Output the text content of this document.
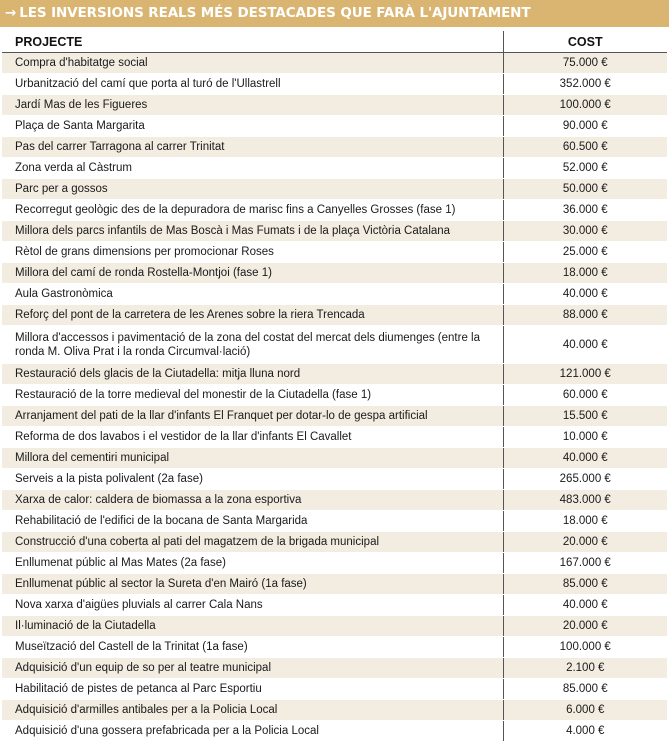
→ LES INVERSIONS REALS MÉS DESTACADES QUE FARÀ L'AJUNTAMENT
PROJECTE	COST
Compra d'habitatge social	75.000 €
Urbanització del camí que porta al turó de l'Ullastrell	352.000 €
Jardí Mas de les Figueres	100.000 €
Plaça de Santa Margarita	90.000 €
Pas del carrer Tarragona al carrer Trinitat	60.500 €
Zona verda al Càstrum	52.000 €
Parc per a gossos	50.000 €
Recorregut geològic des de la depuradora de marisc fins a Canyelles Grosses (fase 1)	36.000 €
Millora dels parcs infantils de Mas Boscà i Mas Fumats i de la plaça Victòria Catalana	30.000 €
Rètol de grans dimensions per promocionar Roses	25.000 €
Millora del camí de ronda Rostella-Montjoi (fase 1)	18.000 €
Aula Gastronòmica	40.000 €
Reforç del pont de la carretera de les Arenes sobre la riera Trencada	88.000 €
Millora d'accessos i pavimentació de la zona del costat del mercat dels diumenges (entre la ronda M. Oliva Prat i la ronda Circumval·lació)	40.000 €
Restauració dels glacis de la Ciutadella: mitja lluna nord	121.000 €
Restauració de la torre medieval del monestir de la Ciutadella (fase 1)	60.000 €
Arranjament del pati de la llar d'infants El Franquet per dotar-lo de gespa artificial	15.500 €
Reforma de dos lavabos i el vestidor de la llar d'infants El Cavallet	10.000 €
Millora del cementiri municipal	40.000 €
Serveis a la pista polivalent (2a fase)	265.000 €
Xarxa de calor: caldera de biomassa a la zona esportiva	483.000 €
Rehabilitació de l'edifici de la bocana de Santa Margarida	18.000 €
Construcció d'una coberta al pati del magatzem de la brigada municipal	20.000 €
Enllumenat públic al Mas Mates (2a fase)	167.000 €
Enllumenat públic al sector la Sureta d'en Mairó (1a fase)	85.000 €
Nova xarxa d'aigües pluvials al carrer Cala Nans	40.000 €
Il·luminació de la Ciutadella	20.000 €
Museïtzació del Castell de la Trinitat (1a fase)	100.000 €
Adquisició d'un equip de so per al teatre municipal	2.100 €
Habilitació de pistes de petanca al Parc Esportiu	85.000 €
Adquisició d'armilles antibales per a la Policia Local	6.000 €
Adquisició d'una gossera prefabricada per a la Policia Local	4.000 €
